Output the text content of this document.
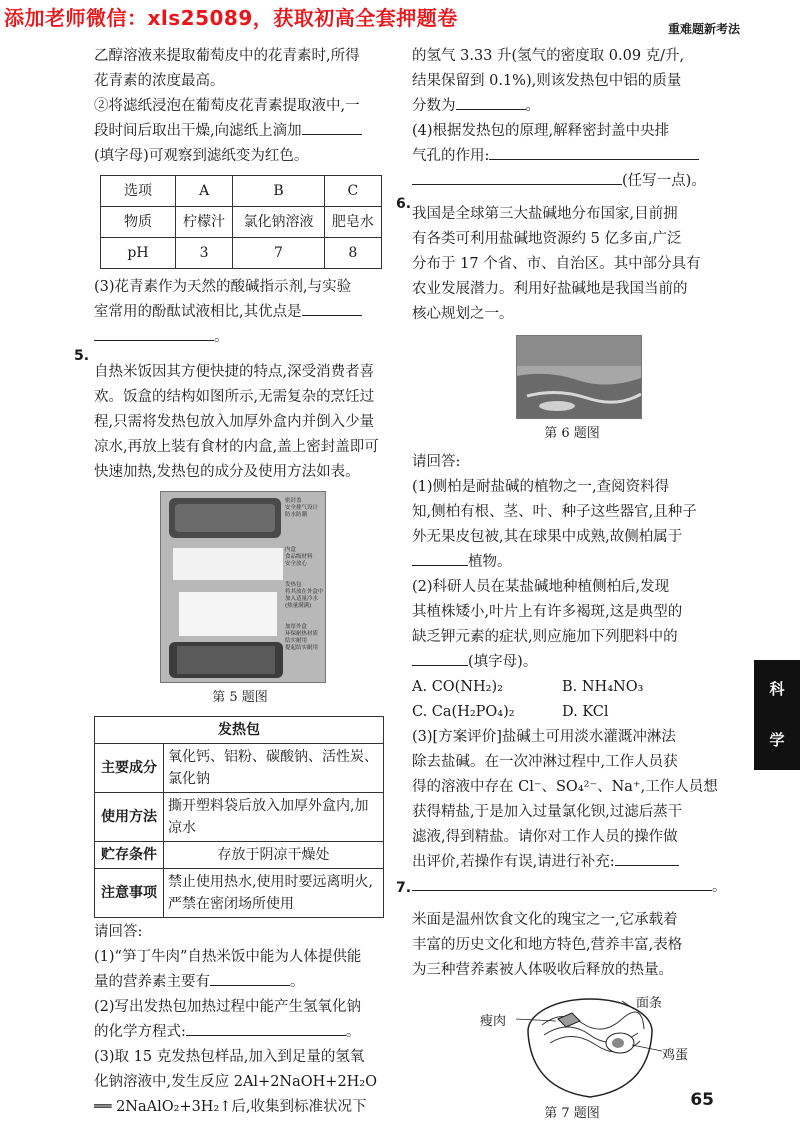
添加老师微信：xls25089，获取初高全套押题卷	重难题新考法

乙醇溶液来提取葡萄皮中的花青素时,所得

花青素的浓度最高。

②将滤纸浸泡在葡萄皮花青素提取液中,一

段时间后取出干燥,向滤纸上滴加

(填字母)可观察到滤纸变为红色。

选项	A	B	C
物质	柠檬汁	氯化钠溶液	肥皂水
pH	3	7	8

(3)花青素作为天然的酸碱指示剂,与实验

室常用的酚酞试液相比,其优点是

。

自热米饭因其方便快捷的特点,深受消费者喜

欢。饭盒的结构如图所示,无需复杂的烹饪过

程,只需将发热包放入加厚外盒内并倒入少量

凉水,再放上装有食材的内盒,盖上密封盖即可

快速加热,发热包的成分及使用方法如表。

密封盖
安全排气设计
防水防潮
内盒
食品级材料
安全放心
发热包
将其放在外盒中
加入适量冷水
(热量满满)
加厚外盒
环保耐热材质
结实耐用
提起结实耐用
第 5 题图
发热包	
主要成分	氧化钙、铝粉、碳酸钠、活性炭、氯化钠
使用方法	撕开塑料袋后放入加厚外盒内,加凉水
贮存条件	存放于阴凉干燥处
注意事项	禁止使用热水,使用时要远离明火,严禁在密闭场所使用

请回答:

(1)“笋丁牛肉”自热米饭中能为人体提供能

量的营养素主要有	。

(2)写出发热包加热过程中能产生氢氧化钠

的化学方程式:	。

(3)取 15 克发热包样品,加入到足量的氢氧

化钠溶液中,发生反应 2Al+2NaOH+2H₂O

══ 2NaAlO₂+3H₂↑后,收集到标准状况下

5.

的氢气 3.33 升(氢气的密度取 0.09 克/升,

结果保留到 0.1%),则该发热包中铝的质量

分数为	。

(4)根据发热包的原理,解释密封盖中央排

气孔的作用:

(任写一点)。

我国是全球第三大盐碱地分布国家,目前拥

有各类可利用盐碱地资源约 5 亿多亩,广泛

分布于 17 个省、市、自治区。其中部分具有

农业发展潜力。利用好盐碱地是我国当前的

核心规划之一。

第 6 题图

请回答:

(1)侧柏是耐盐碱的植物之一,查阅资料得

知,侧柏有根、茎、叶、种子这些器官,且种子

外无果皮包被,其在球果中成熟,故侧柏属于

植物。

(2)科研人员在某盐碱地种植侧柏后,发现

其植株矮小,叶片上有许多褐斑,这是典型的

缺乏钾元素的症状,则应施加下列肥料中的

(填字母)。

A. CO(NH₂)₂	B. NH₄NO₃

C. Ca(H₂PO₄)₂	D. KCl

(3)[方案评价]盐碱土可用淡水灌溉冲淋法

除去盐碱。在一次冲淋过程中,工作人员获

得的溶液中存在 Cl⁻、SO₄²⁻、Na⁺,工作人员想

获得精盐,于是加入过量氯化钡,过滤后蒸干

滤液,得到精盐。请你对工作人员的操作做

出评价,若操作有误,请进行补充:

。

米面是温州饮食文化的瑰宝之一,它承载着

丰富的历史文化和地方特色,营养丰富,表格

为三种营养素被人体吸收后释放的热量。

面条
瘦肉
鸡蛋
第 7 题图
6.
7.
科
学
65
